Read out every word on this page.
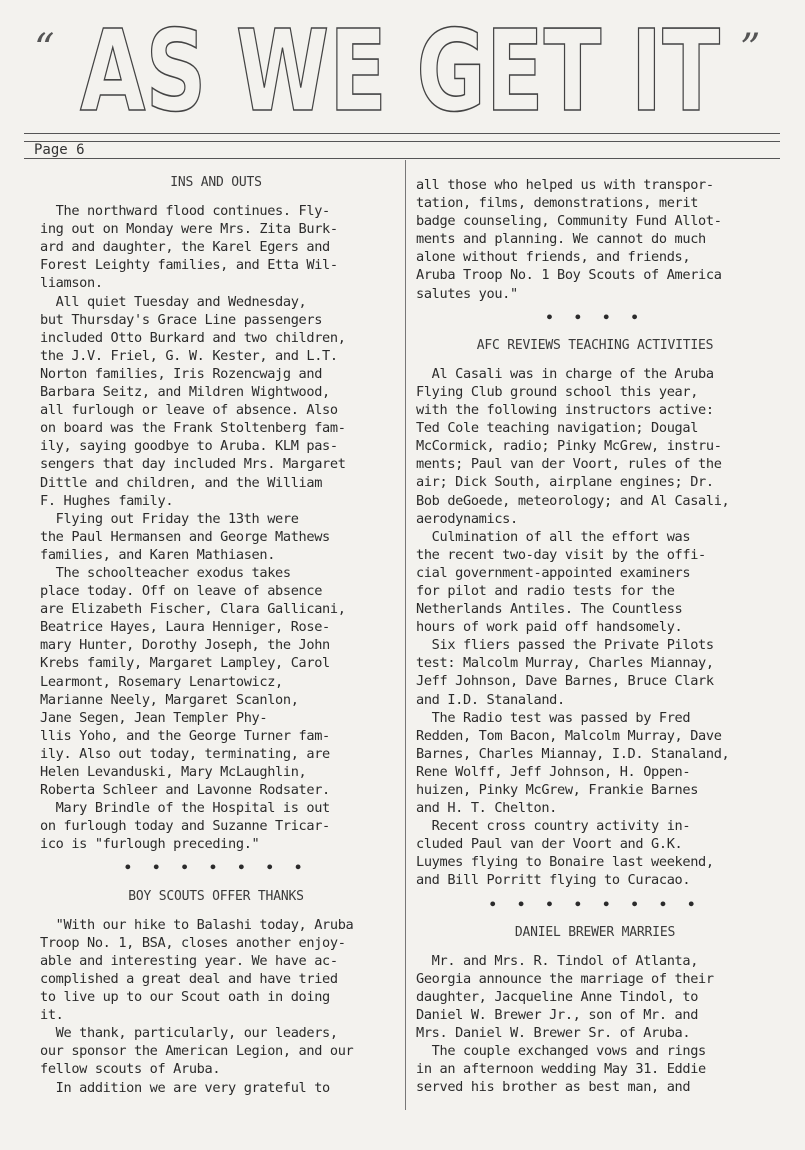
“ AS WE GET IT ”
Page 6
INS AND OUTS

The northward flood continues. Fly-

ing out on Monday were Mrs. Zita Burk-

ard and daughter, the Karel Egers and

Forest Leighty families, and Etta Wil-

liamson.

All quiet Tuesday and Wednesday,

but Thursday's Grace Line passengers

included Otto Burkard and two children,

the J.V. Friel, G. W. Kester, and L.T.

Norton families, Iris Rozencwajg and

Barbara Seitz, and Mildren Wightwood,

all furlough or leave of absence. Also

on board was the Frank Stoltenberg fam-

ily, saying goodbye to Aruba. KLM pas-

sengers that day included Mrs. Margaret

Dittle and children, and the William

F. Hughes family.

Flying out Friday the 13th were

the Paul Hermansen and George Mathews

families, and Karen Mathiasen.

The schoolteacher exodus takes

place today. Off on leave of absence

are Elizabeth Fischer, Clara Gallicani,

Beatrice Hayes, Laura Henniger, Rose-

mary Hunter, Dorothy Joseph, the John

Krebs family, Margaret Lampley, Carol

Learmont, Rosemary Lenartowicz,

Marianne Neely, Margaret Scanlon,

Jane Segen, Jean Templer Phy-

llis Yoho, and the George Turner fam-

ily. Also out today, terminating, are

Helen Levanduski, Mary McLaughlin,

Roberta Schleer and Lavonne Rodsater.

Mary Brindle of the Hospital is out

on furlough today and Suzanne Tricar-

ico is "furlough preceding."

• • • • • • •
BOY SCOUTS OFFER THANKS

"With our hike to Balashi today, Aruba

Troop No. 1, BSA, closes another enjoy-

able and interesting year. We have ac-

complished a great deal and have tried

to live up to our Scout oath in doing

it.

We thank, particularly, our leaders,

our sponsor the American Legion, and our

fellow scouts of Aruba.

In addition we are very grateful to

all those who helped us with transpor-

tation, films, demonstrations, merit

badge counseling, Community Fund Allot-

ments and planning. We cannot do much

alone without friends, and friends,

Aruba Troop No. 1 Boy Scouts of America

salutes you."

• • • •
AFC REVIEWS TEACHING ACTIVITIES

Al Casali was in charge of the Aruba

Flying Club ground school this year,

with the following instructors active:

Ted Cole teaching navigation; Dougal

McCormick, radio; Pinky McGrew, instru-

ments; Paul van der Voort, rules of the

air; Dick South, airplane engines; Dr.

Bob deGoede, meteorology; and Al Casali,

aerodynamics.

Culmination of all the effort was

the recent two-day visit by the offi-

cial government-appointed examiners

for pilot and radio tests for the

Netherlands Antiles. The Countless

hours of work paid off handsomely.

Six fliers passed the Private Pilots

test: Malcolm Murray, Charles Miannay,

Jeff Johnson, Dave Barnes, Bruce Clark

and I.D. Stanaland.

The Radio test was passed by Fred

Redden, Tom Bacon, Malcolm Murray, Dave

Barnes, Charles Miannay, I.D. Stanaland,

Rene Wolff, Jeff Johnson, H. Oppen-

huizen, Pinky McGrew, Frankie Barnes

and H. T. Chelton.

Recent cross country activity in-

cluded Paul van der Voort and G.K.

Luymes flying to Bonaire last weekend,

and Bill Porritt flying to Curacao.

• • • • • • • •
DANIEL BREWER MARRIES

Mr. and Mrs. R. Tindol of Atlanta,

Georgia announce the marriage of their

daughter, Jacqueline Anne Tindol, to

Daniel W. Brewer Jr., son of Mr. and

Mrs. Daniel W. Brewer Sr. of Aruba.

The couple exchanged vows and rings

in an afternoon wedding May 31. Eddie

served his brother as best man, and
